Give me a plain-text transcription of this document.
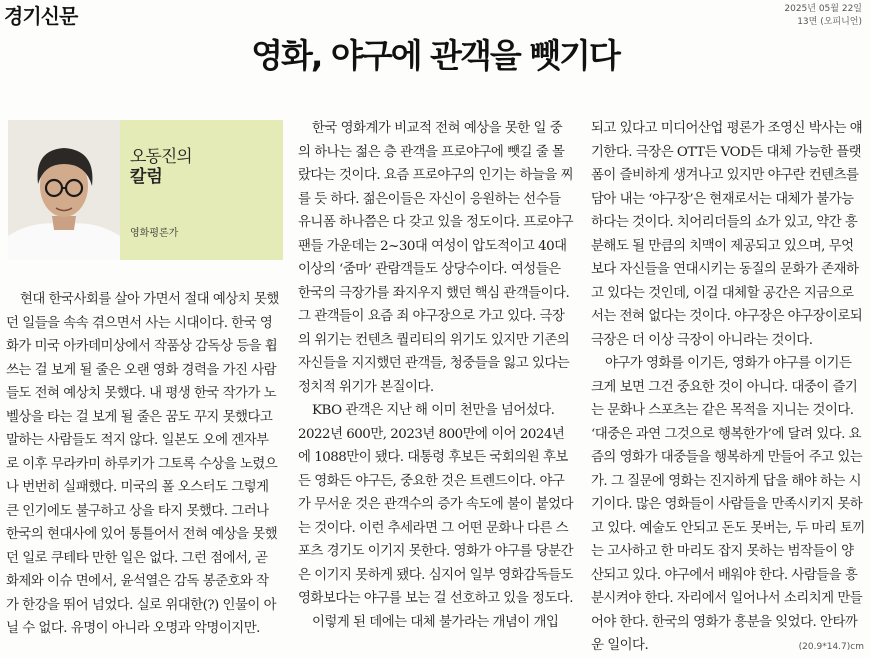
경기신문	2025년 05월 22일
13면 (오피니언)
영화, 야구에 관객을 뺏기다
오동진의
칼럼
영화평론가

현대 한국사회를 살아 가면서 절대 예상치 못했던 일들을 속속 겪으면서 사는 시대이다. 한국 영화가 미국 아카데미상에서 작품상 감독상 등을 휩쓰는 걸 보게 될 줄은 오랜 영화 경력을 가진 사람들도 전혀 예상치 못했다. 내 평생 한국 작가가 노벨상을 타는 걸 보게 될 줄은 꿈도 꾸지 못했다고 말하는 사람들도 적지 않다. 일본도 오에 겐자부로 이후 무라카미 하루키가 그토록 수상을 노렸으나 번번히 실패했다. 미국의 폴 오스터도 그렇게 큰 인기에도 불구하고 상을 타지 못했다. 그러나 한국의 현대사에 있어 통틀어서 전혀 예상을 못했던 일로 쿠테타 만한 일은 없다. 그런 점에서, 곧 화제와 이슈 면에서, 윤석열은 감독 봉준호와 작가 한강을 뛰어 넘었다. 실로 위대한(?) 인물이 아닐 수 없다. 유명이 아니라 오명과 악명이지만.

한국 영화계가 비교적 전혀 예상을 못한 일 중의 하나는 젊은 층 관객을 프로야구에 뺏길 줄 몰랐다는 것이다. 요즘 프로야구의 인기는 하늘을 찌를 듯 하다. 젊은이들은 자신이 응원하는 선수들 유니폼 하나쯤은 다 갖고 있을 정도이다. 프로야구 팬들 가운데는 2~30대 여성이 압도적이고 40대 이상의 ‘줌마’ 관람객들도 상당수이다. 여성들은 한국의 극장가를 좌지우지 했던 핵심 관객들이다. 그 관객들이 요즘 죄 야구장으로 가고 있다. 극장의 위기는 컨텐츠 퀄리티의 위기도 있지만 기존의 자신들을 지지했던 관객들, 청중들을 잃고 있다는 정치적 위기가 본질이다.

KBO 관객은 지난 해 이미 천만을 넘어섰다. 2022년 600만, 2023년 800만에 이어 2024년에 1088만이 됐다. 대통령 후보든 국회의원 후보든 영화든 야구든, 중요한 것은 트렌드이다. 야구가 무서운 것은 관객수의 증가 속도에 불이 붙었다는 것이다. 이런 추세라면 그 어떤 문화나 다른 스포츠 경기도 이기지 못한다. 영화가 야구를 당분간은 이기지 못하게 됐다. 심지어 일부 영화감독들도 영화보다는 야구를 보는 걸 선호하고 있을 정도다.

이렇게 된 데에는 대체 불가라는 개념이 개입

되고 있다고 미디어산업 평론가 조영신 박사는 얘기한다. 극장은 OTT든 VOD든 대체 가능한 플랫폼이 즐비하게 생겨나고 있지만 야구란 컨텐츠를 담아 내는 ‘야구장’은 현재로서는 대체가 불가능하다는 것이다. 치어리더들의 쇼가 있고, 약간 흥분해도 될 만큼의 치맥이 제공되고 있으며, 무엇보다 자신들을 연대시키는 동질의 문화가 존재하고 있다는 것인데, 이걸 대체할 공간은 지금으로서는 전혀 없다는 것이다. 야구장은 야구장이로되 극장은 더 이상 극장이 아니라는 것이다.

야구가 영화를 이기든, 영화가 야구를 이기든 크게 보면 그건 중요한 것이 아니다. 대중이 즐기는 문화나 스포츠는 같은 목적을 지니는 것이다. ‘대중은 과연 그것으로 행복한가’에 달려 있다. 요즘의 영화가 대중들을 행복하게 만들어 주고 있는가. 그 질문에 영화는 진지하게 답을 해야 하는 시기이다. 많은 영화들이 사람들을 만족시키지 못하고 있다. 예술도 안되고 돈도 못버는, 두 마리 토끼는 고사하고 한 마리도 잡지 못하는 범작들이 양산되고 있다. 야구에서 배워야 한다. 사람들을 흥분시켜야 한다. 자리에서 일어나서 소리치게 만들어야 한다. 한국의 영화가 흥분을 잊었다. 안타까운 일이다.	(20.9*14.7)cm
